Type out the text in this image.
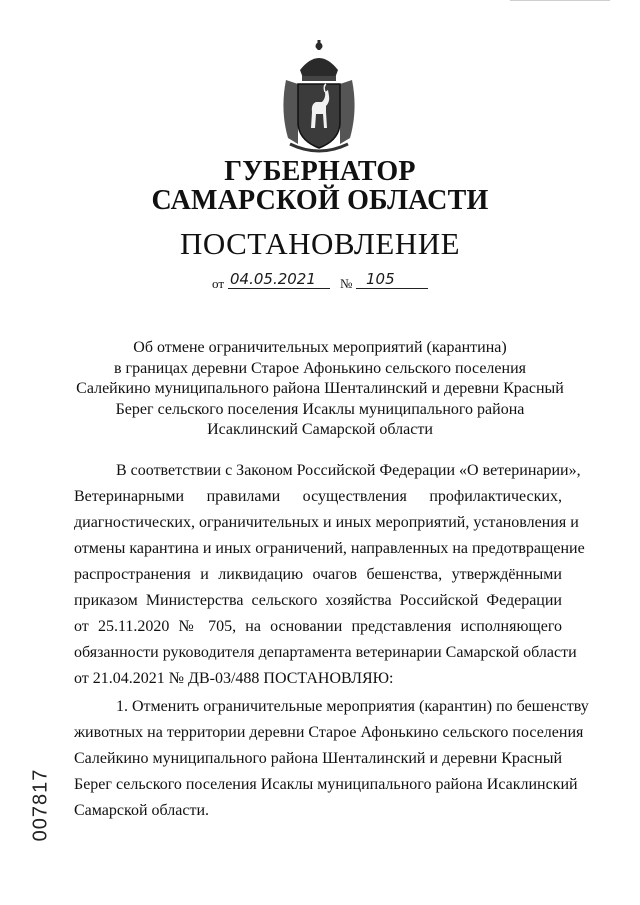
ГУБЕРНАТОР
САМАРСКОЙ ОБЛАСТИ
ПОСТАНОВЛЕНИЕ
от 04.05.2021 № 105
Об отмене ограничительных мероприятий (карантина)
в границах деревни Старое Афонькино сельского поселения
Салейкино муниципального района Шенталинский и деревни Красный
Берег сельского поселения Исаклы муниципального района
Исаклинский Самарской области
В соответствии с Законом Российской Федерации «О ветеринарии»,
Ветеринарными правилами осуществления профилактических,
диагностических, ограничительных и иных мероприятий, установления и
отмены карантина и иных ограничений, направленных на предотвращение
распространения и ликвидацию очагов бешенства, утверждёнными
приказом Министерства сельского хозяйства Российской Федерации
от 25.11.2020 № 705, на основании представления исполняющего
обязанности руководителя департамента ветеринарии Самарской области
от 21.04.2021 № ДВ-03/488 ПОСТАНОВЛЯЮ:
1. Отменить ограничительные мероприятия (карантин) по бешенству
животных на территории деревни Старое Афонькино сельского поселения
Салейкино муниципального района Шенталинский и деревни Красный
Берег сельского поселения Исаклы муниципального района Исаклинский
Самарской области.
007817
